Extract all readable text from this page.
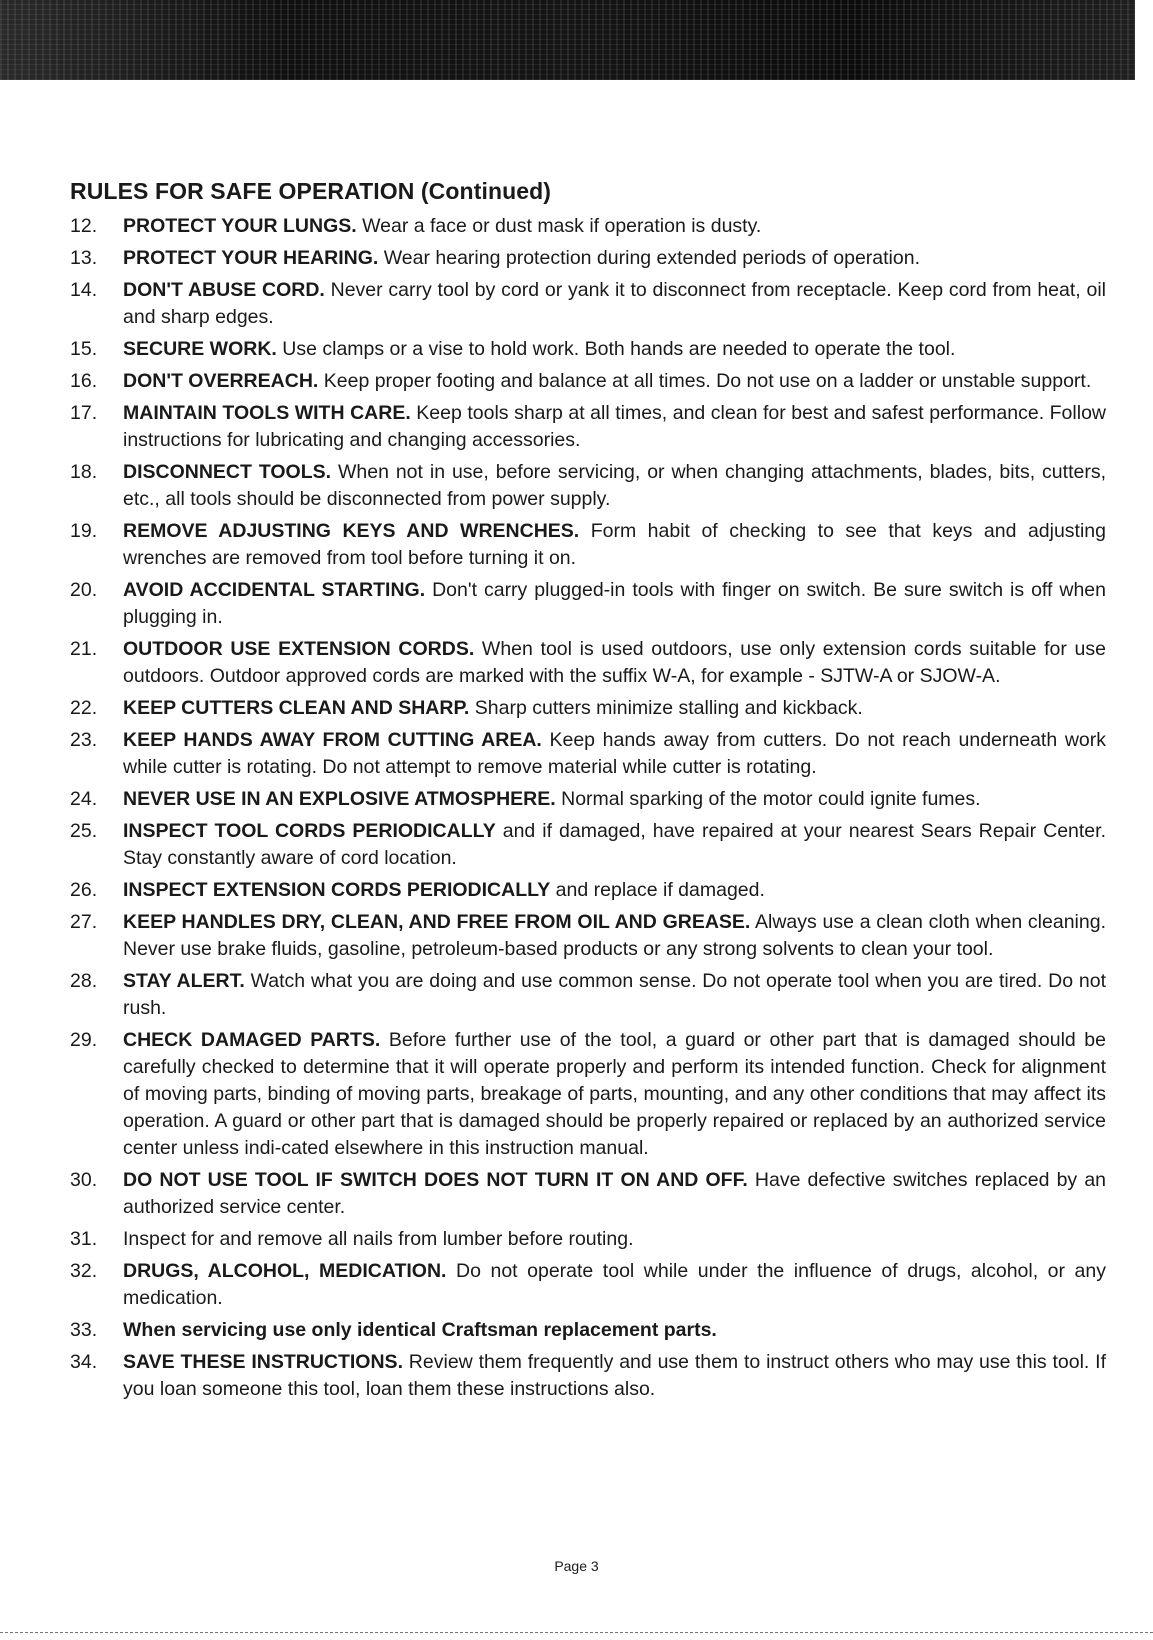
RULES FOR SAFE OPERATION (Continued)
12.	PROTECT YOUR LUNGS. Wear a face or dust mask if operation is dusty.
13.	PROTECT YOUR HEARING. Wear hearing protection during extended periods of operation.
14.	DON'T ABUSE CORD. Never carry tool by cord or yank it to disconnect from receptacle. Keep cord from heat, oil and sharp edges.
15.	SECURE WORK. Use clamps or a vise to hold work. Both hands are needed to operate the tool.
16.	DON'T OVERREACH. Keep proper footing and balance at all times. Do not use on a ladder or unstable support.
17.	MAINTAIN TOOLS WITH CARE. Keep tools sharp at all times, and clean for best and safest performance. Follow instructions for lubricating and changing accessories.
18.	DISCONNECT TOOLS. When not in use, before servicing, or when changing attachments, blades, bits, cutters, etc., all tools should be disconnected from power supply.
19.	REMOVE ADJUSTING KEYS AND WRENCHES. Form habit of checking to see that keys and adjusting wrenches are removed from tool before turning it on.
20.	AVOID ACCIDENTAL STARTING. Don't carry plugged-in tools with finger on switch. Be sure switch is off when plugging in.
21.	OUTDOOR USE EXTENSION CORDS. When tool is used outdoors, use only extension cords suitable for use outdoors. Outdoor approved cords are marked with the suffix W-A, for example - SJTW-A or SJOW-A.
22.	KEEP CUTTERS CLEAN AND SHARP. Sharp cutters minimize stalling and kickback.
23.	KEEP HANDS AWAY FROM CUTTING AREA. Keep hands away from cutters. Do not reach underneath work while cutter is rotating. Do not attempt to remove material while cutter is rotating.
24.	NEVER USE IN AN EXPLOSIVE ATMOSPHERE. Normal sparking of the motor could ignite fumes.
25.	INSPECT TOOL CORDS PERIODICALLY and if damaged, have repaired at your nearest Sears Repair Center. Stay constantly aware of cord location.
26.	INSPECT EXTENSION CORDS PERIODICALLY and replace if damaged.
27.	KEEP HANDLES DRY, CLEAN, AND FREE FROM OIL AND GREASE. Always use a clean cloth when cleaning. Never use brake fluids, gasoline, petroleum-based products or any strong solvents to clean your tool.
28.	STAY ALERT. Watch what you are doing and use common sense. Do not operate tool when you are tired. Do not rush.
29.	CHECK DAMAGED PARTS. Before further use of the tool, a guard or other part that is damaged should be carefully checked to determine that it will operate properly and perform its intended function. Check for alignment of moving parts, binding of moving parts, breakage of parts, mounting, and any other conditions that may affect its operation. A guard or other part that is damaged should be properly repaired or replaced by an authorized service center unless indi-cated elsewhere in this instruction manual.
30.	DO NOT USE TOOL IF SWITCH DOES NOT TURN IT ON AND OFF. Have defective switches replaced by an authorized service center.
31.	Inspect for and remove all nails from lumber before routing.
32.	DRUGS, ALCOHOL, MEDICATION. Do not operate tool while under the influence of drugs, alcohol, or any medication.
33.	When servicing use only identical Craftsman replacement parts.
34.	SAVE THESE INSTRUCTIONS. Review them frequently and use them to instruct others who may use this tool. If you loan someone this tool, loan them these instructions also.
Page 3
